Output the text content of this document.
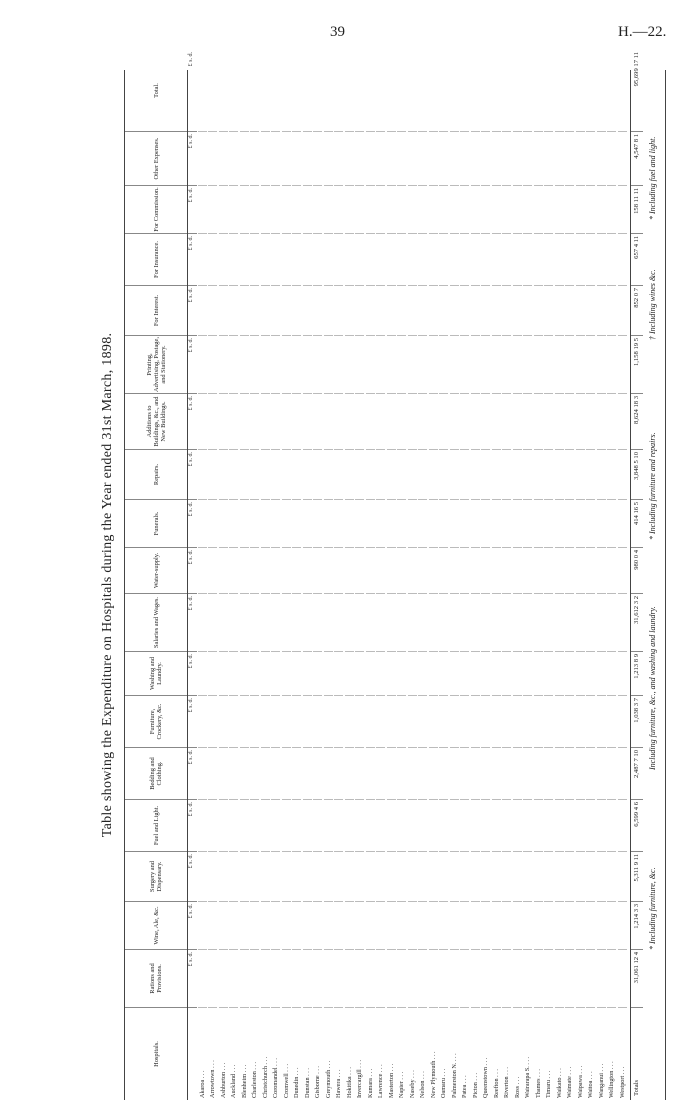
39	H.—22.
Table showing the Expenditure on Hospitals during the Year ended 31st March, 1898.
Hospitals.
Rations and Provisions.
Wine, Ale, &c.
Surgery and Dispensary.
Fuel and Light.
Bedding and Clothing.
Furniture, Crockery, &c.
Washing and Laundry.
Salaries and Wages.
Water-supply.
Funerals.
Repairs.
Additions to Buildings, &c., and New Buildings.
Printing, Advertising, Postage, and Stationery.
For Interest.
For Insurance.
For Commission.
Other Expenses.
Total.
£ s. d.
£ s. d.
£ s. d.
£ s. d.
£ s. d.
£ s. d.
£ s. d.
£ s. d.
£ s. d.
£ s. d.
£ s. d.
£ s. d.
£ s. d.
£ s. d.
£ s. d.
£ s. d.
£ s. d.
£ s. d.
Akaroa . . . Arrowtown . . . Ashburton . . . Auckland . . . Blenheim . . . Charleston . . . Christchurch . . . Coromandel . . . Cromwell . . . Dunedin . . . Dunstan . . . Gisborne . . . Greymouth . . . Hawera . . . Hokitika . . . Invercargill . . . Kumara . . . Lawrence . . . Masterton . . . Napier . . . Naseby . . . Nelson . . . New Plymouth . . . Oamaru . . . Palmerston N. . . . Patea . . . Picton . . . Queenstown . . . Reefton . . . Riverton . . . Ross . . . Wairarapa S. . . . Thames . . . Timaru . . . Waikato . . . Waimate . . . Waipawa . . . Waitoa . . . Wanganui . . . Wellington . . . Westport . . .	Totals
31,061 12 4
1,214 3 3
5,311 9 11
6,599 4 6
2,487 7 10
1,038 3 7
1,213 8 9
31,612 3 2
980 0 4
414 16 5
3,848 5 10
8,624 18 3
1,158 19 5
852 0 7
657 4 11
158 11 11
4,547 8 1
95,699 17 11
* Including furniture, &c.
Including furniture, &c., and washing and laundry.
* Including furniture and repairs.
† Including wines &c.
* Including fuel and light.
